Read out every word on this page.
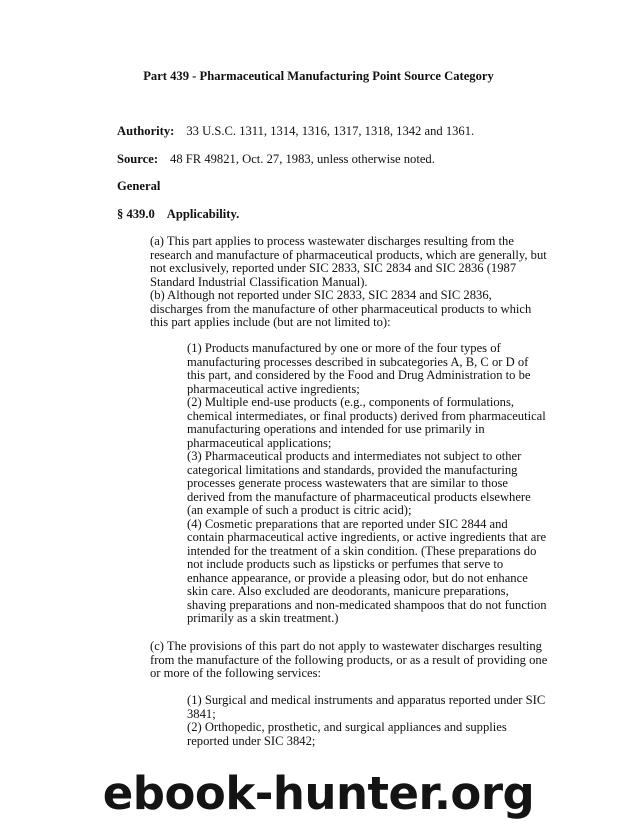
Part 439 - Pharmaceutical Manufacturing Point Source Category
Authority: 33 U.S.C. 1311, 1314, 1316, 1317, 1318, 1342 and 1361.
Source: 48 FR 49821, Oct. 27, 1983, unless otherwise noted.
General
§ 439.0 Applicability.
(a) This part applies to process wastewater discharges resulting from the
research and manufacture of pharmaceutical products, which are generally, but
not exclusively, reported under SIC 2833, SIC 2834 and SIC 2836 (1987
Standard Industrial Classification Manual).
(b) Although not reported under SIC 2833, SIC 2834 and SIC 2836,
discharges from the manufacture of other pharmaceutical products to which
this part applies include (but are not limited to):
(1) Products manufactured by one or more of the four types of
manufacturing processes described in subcategories A, B, C or D of
this part, and considered by the Food and Drug Administration to be
pharmaceutical active ingredients;
(2) Multiple end-use products (e.g., components of formulations,
chemical intermediates, or final products) derived from pharmaceutical
manufacturing operations and intended for use primarily in
pharmaceutical applications;
(3) Pharmaceutical products and intermediates not subject to other
categorical limitations and standards, provided the manufacturing
processes generate process wastewaters that are similar to those
derived from the manufacture of pharmaceutical products elsewhere
(an example of such a product is citric acid);
(4) Cosmetic preparations that are reported under SIC 2844 and
contain pharmaceutical active ingredients, or active ingredients that are
intended for the treatment of a skin condition. (These preparations do
not include products such as lipsticks or perfumes that serve to
enhance appearance, or provide a pleasing odor, but do not enhance
skin care. Also excluded are deodorants, manicure preparations,
shaving preparations and non-medicated shampoos that do not function
primarily as a skin treatment.)
(c) The provisions of this part do not apply to wastewater discharges resulting
from the manufacture of the following products, or as a result of providing one
or more of the following services:
(1) Surgical and medical instruments and apparatus reported under SIC
3841;
(2) Orthopedic, prosthetic, and surgical appliances and supplies
reported under SIC 3842;
ebook-hunter.org
